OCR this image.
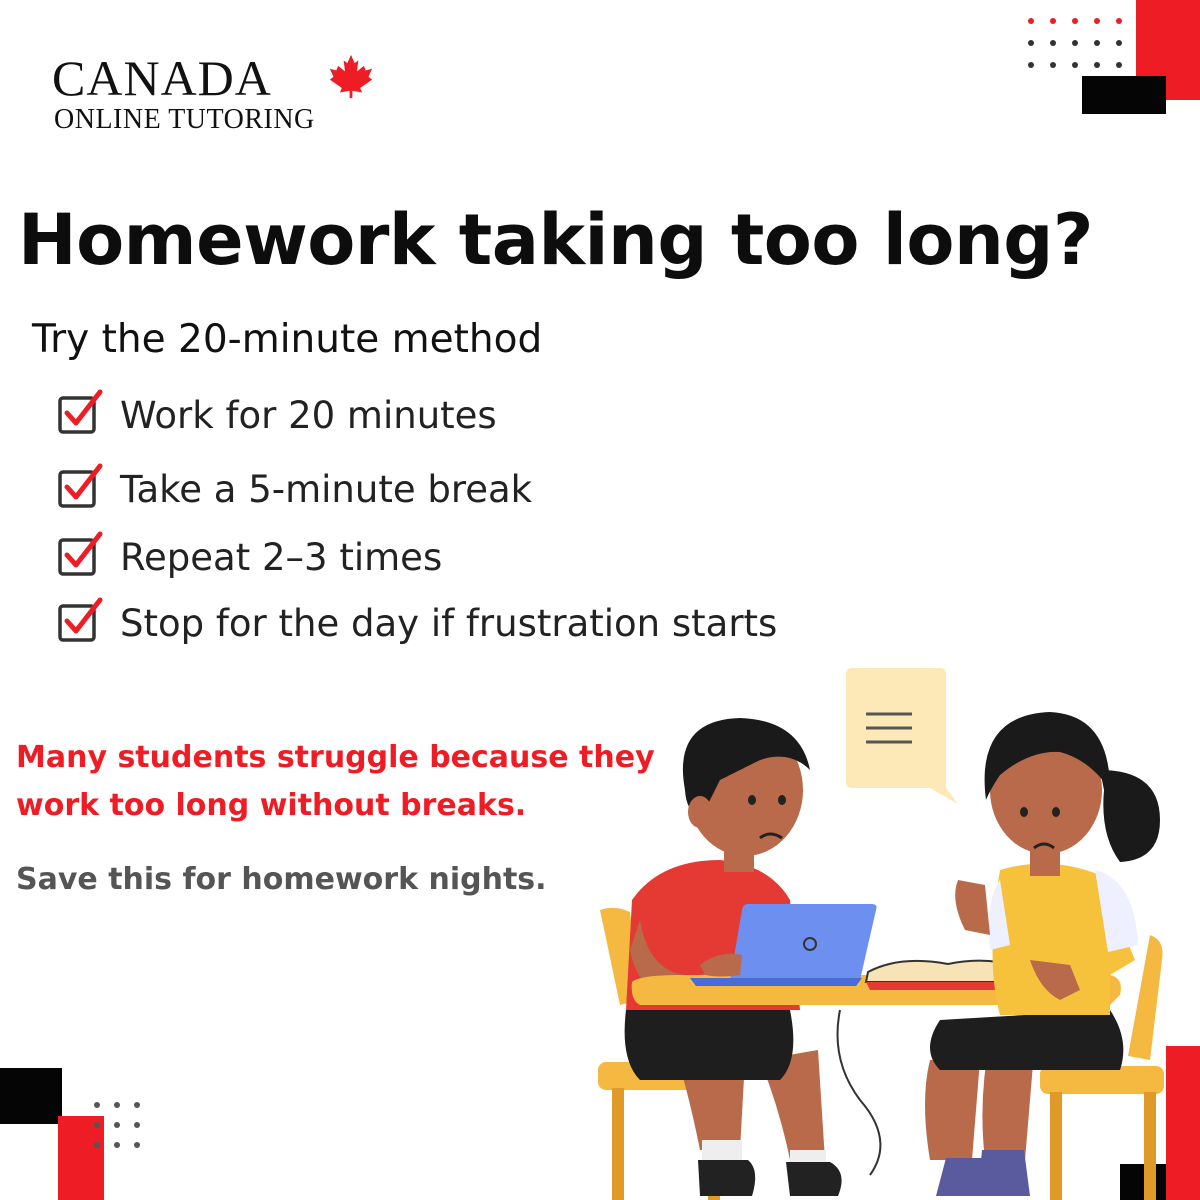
CANADA
ONLINE TUTORING
Homework taking too long?
Try the 20-minute method
Work for 20 minutes
Take a 5-minute break
Repeat 2–3 times
Stop for the day if frustration starts
Many students struggle because they work too long without breaks.
Save this for homework nights.
